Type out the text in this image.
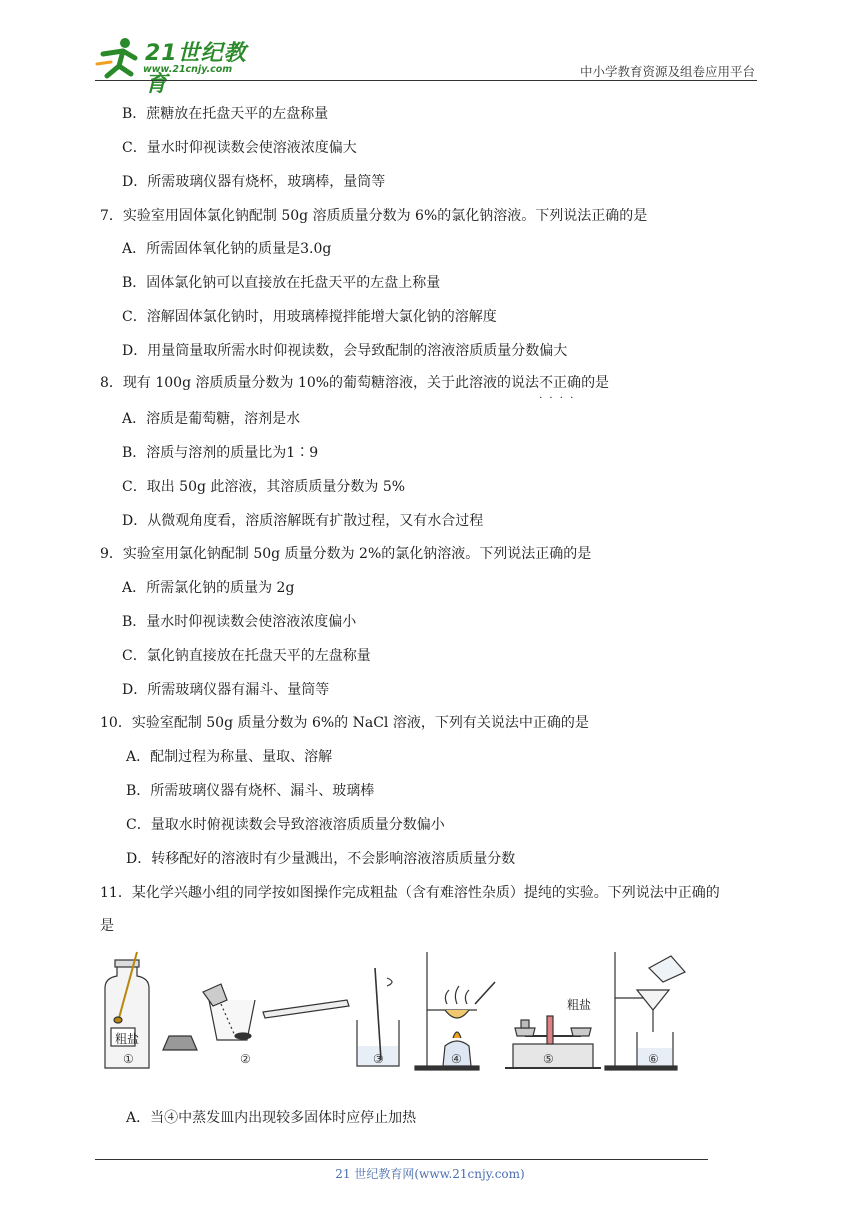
21世纪教育
www.21cnjy.com	中小学教育资源及组卷应用平台
B．蔗糖放在托盘天平的左盘称量
C．量水时仰视读数会使溶液浓度偏大
D．所需玻璃仪器有烧杯，玻璃棒，量筒等
7．实验室用固体氯化钠配制 50g 溶质质量分数为 6%的氯化钠溶液。下列说法正确的是
A．所需固体氧化钠的质量是3.0g
B．固体氯化钠可以直接放在托盘天平的左盘上称量
C．溶解固体氯化钠时，用玻璃棒搅拌能增大氯化钠的溶解度
D．用量筒量取所需水时仰视读数，会导致配制的溶液溶质质量分数偏大
8．现有 100g 溶质质量分数为 10%的葡萄糖溶液，关于此溶液的说法不正确 · · · ·的是
A．溶质是葡萄糖，溶剂是水
B．溶质与溶剂的质量比为1∶9
C．取出 50g 此溶液，其溶质质量分数为 5%
D．从微观角度看，溶质溶解既有扩散过程，又有水合过程
9．实验室用氯化钠配制 50g 质量分数为 2%的氯化钠溶液。下列说法正确的是
A．所需氯化钠的质量为 2g
B．量水时仰视读数会使溶液浓度偏小
C．氯化钠直接放在托盘天平的左盘称量
D．所需玻璃仪器有漏斗、量筒等
10．实验室配制 50g 质量分数为 6%的 NaCl 溶液，下列有关说法中正确的是
A．配制过程为称量、量取、溶解
B．所需玻璃仪器有烧杯、漏斗、玻璃棒
C．量取水时俯视读数会导致溶液溶质质量分数偏小
D．转移配好的溶液时有少量溅出，不会影响溶液溶质质量分数
11．某化学兴趣小组的同学按如图操作完成粗盐（含有难溶性杂质）提纯的实验。下列说法中正确的
是
粗盐
粗盐
①	②	③	④	⑤	⑥
A．当④中蒸发皿内出现较多固体时应停止加热
21 世纪教育网(www.21cnjy.com)
